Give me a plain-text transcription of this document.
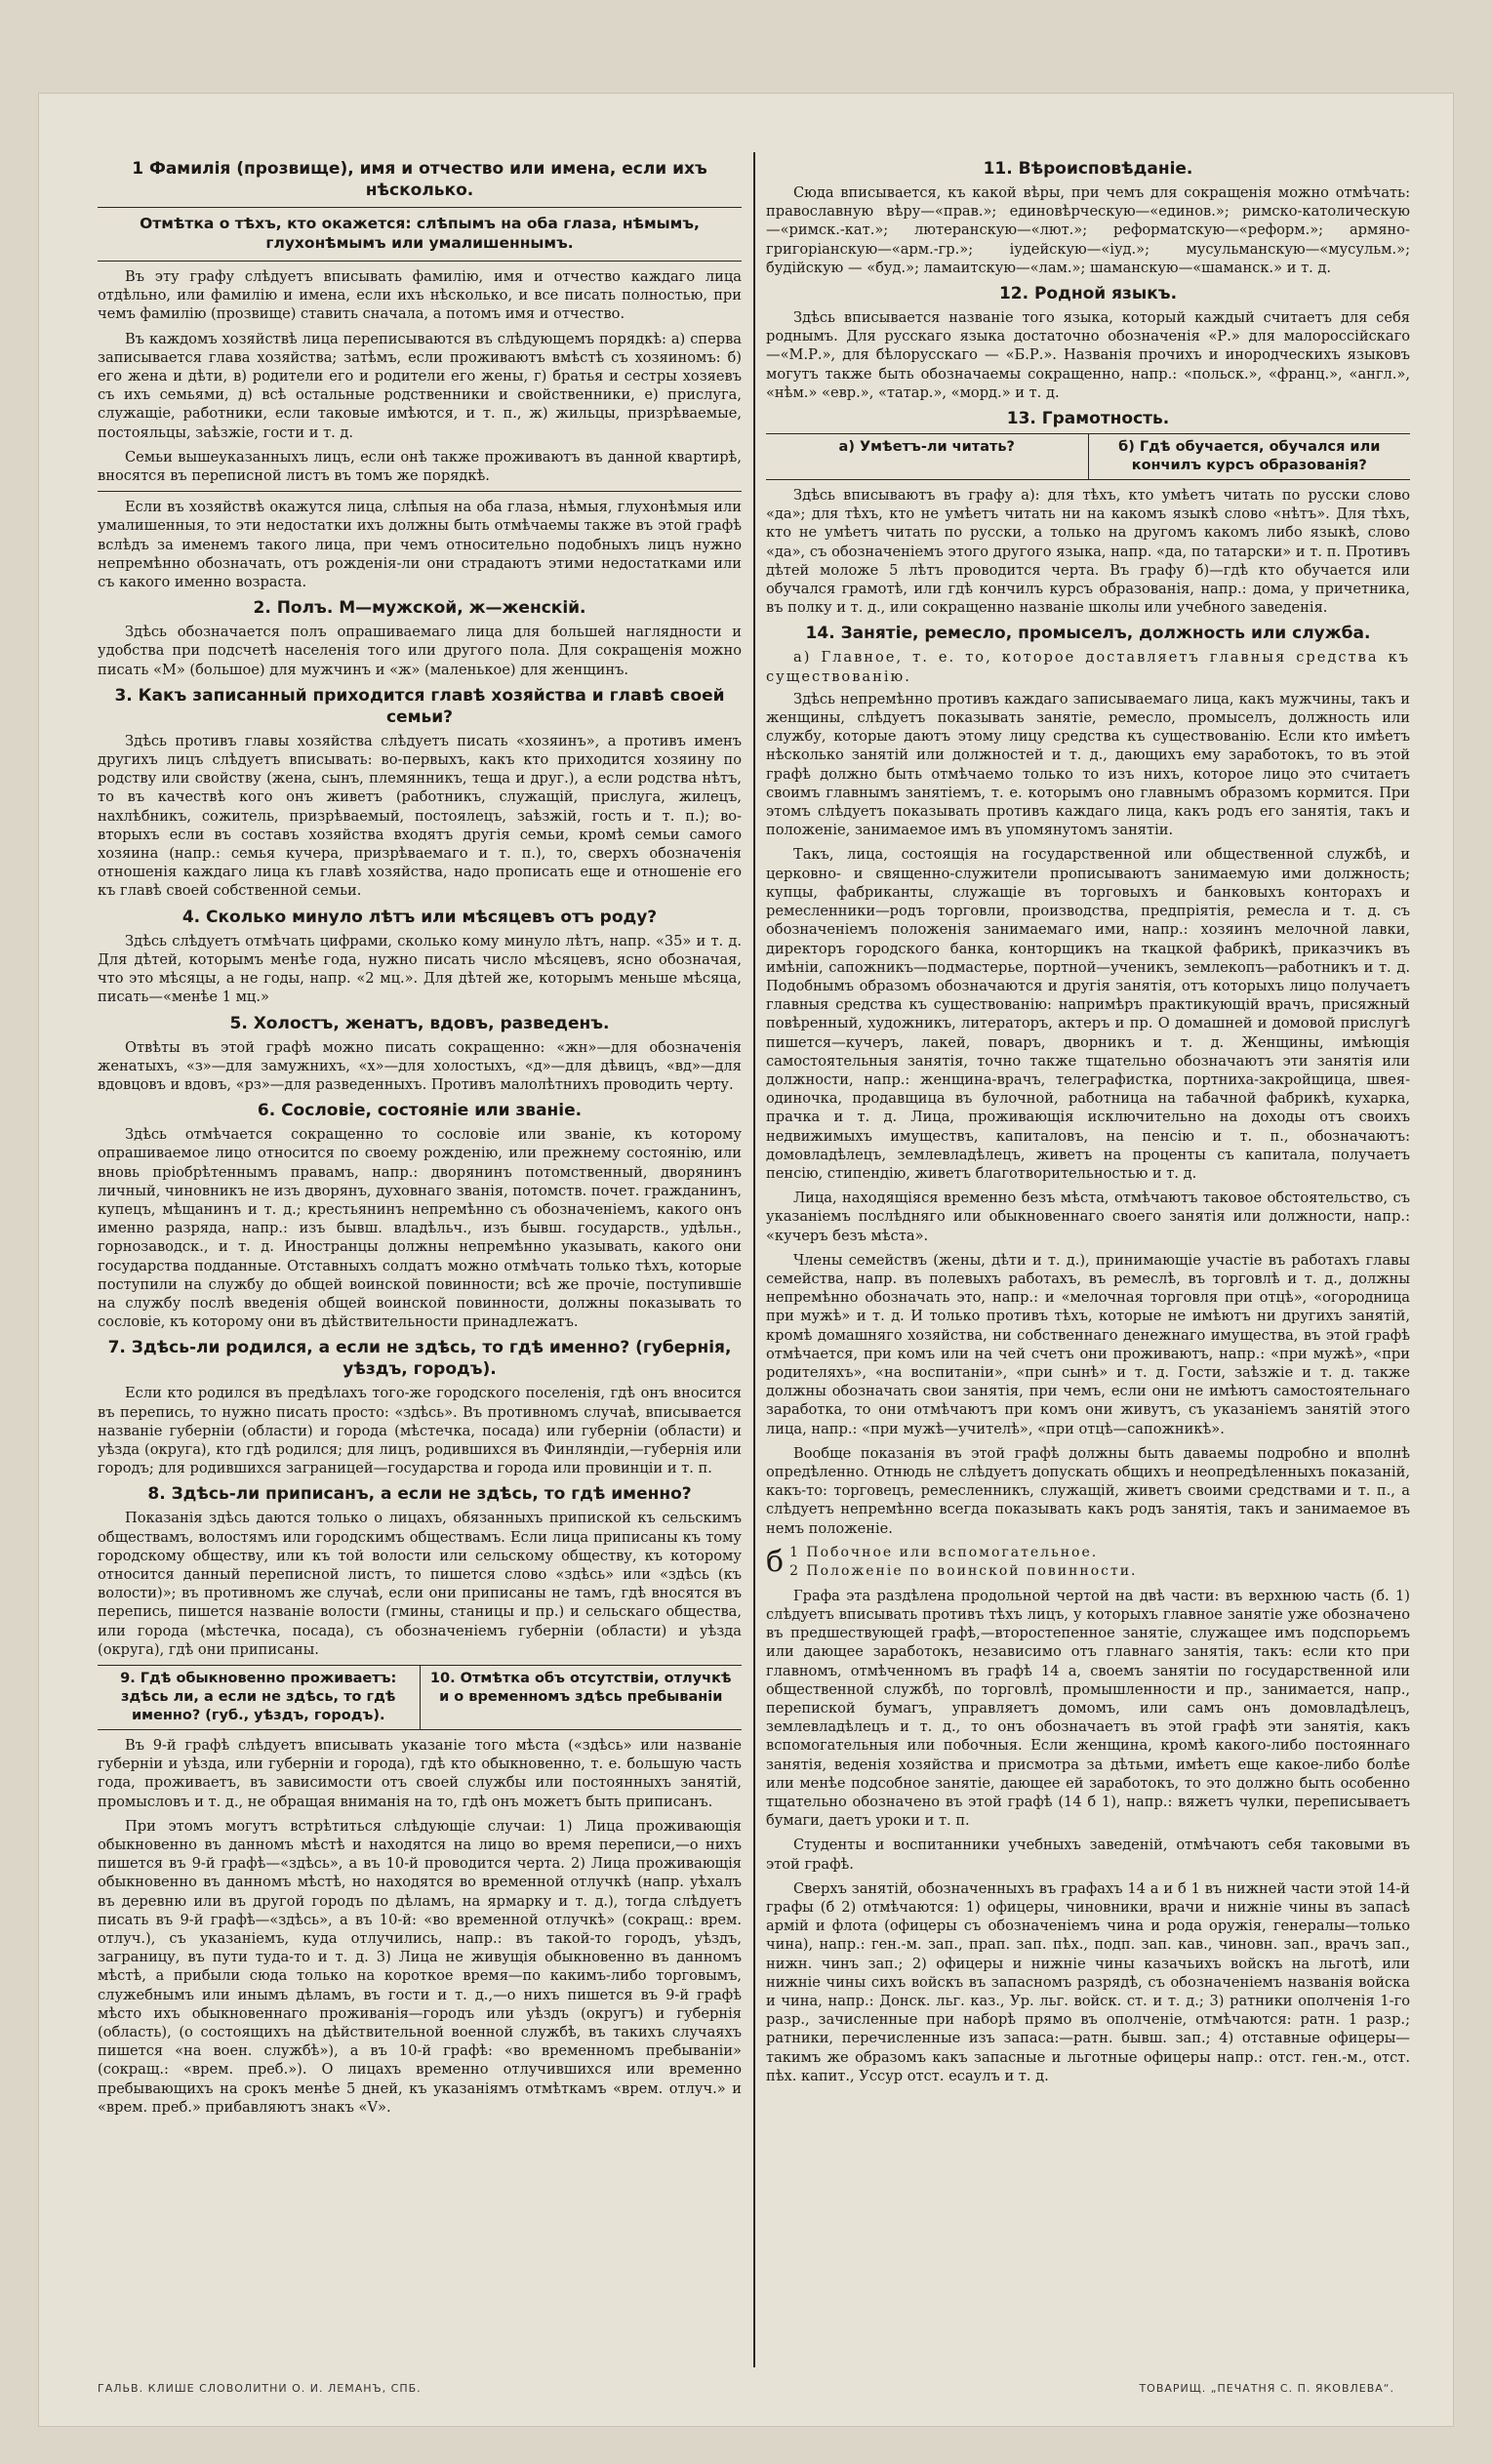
1 Фамилія (прозвище), имя и отчество или имена, если ихъ нѣсколько.
Отмѣтка о тѣхъ, кто окажется: слѣпымъ на оба глаза, нѣмымъ, глухонѣмымъ или умалишеннымъ.

Въ эту графу слѣдуетъ вписывать фамилію, имя и отчество каждаго лица отдѣльно, или фамилію и имена, если ихъ нѣсколько, и все писать полностью, при чемъ фамилію (прозвище) ставить сначала, а потомъ имя и отчество.

Въ каждомъ хозяйствѣ лица переписываются въ слѣдующемъ порядкѣ: а) сперва записывается глава хозяйства; затѣмъ, если проживаютъ вмѣстѣ съ хозяиномъ: б) его жена и дѣти, в) родители его и родители его жены, г) братья и сестры хозяевъ съ ихъ семьями, д) всѣ остальные родственники и свойственники, е) прислуга, служащіе, работники, если таковые имѣются, и т. п., ж) жильцы, призрѣваемые, постояльцы, заѣзжіе, гости и т. д.

Семьи вышеуказанныхъ лицъ, если онѣ также проживаютъ въ данной квартирѣ, вносятся въ переписной листъ въ томъ же порядкѣ.

Если въ хозяйствѣ окажутся лица, слѣпыя на оба глаза, нѣмыя, глухонѣмыя или умалишенныя, то эти недостатки ихъ должны быть отмѣчаемы также въ этой графѣ вслѣдъ за именемъ такого лица, при чемъ относительно подобныхъ лицъ нужно непремѣнно обозначать, отъ рожденія-ли они страдаютъ этими недостатками или съ какого именно возраста.

2. Полъ. М—мужской, ж—женскій.

Здѣсь обозначается полъ опрашиваемаго лица для большей наглядности и удобства при подсчетѣ населенія того или другого пола. Для сокращенія можно писать «М» (большое) для мужчинъ и «ж» (маленькое) для женщинъ.

3. Какъ записанный приходится главѣ хозяйства и главѣ своей семьи?

Здѣсь противъ главы хозяйства слѣдуетъ писать «хозяинъ», а противъ именъ другихъ лицъ слѣдуетъ вписывать: во-первыхъ, какъ кто приходится хозяину по родству или свойству (жена, сынъ, племянникъ, теща и друг.), а если родства нѣтъ, то въ качествѣ кого онъ живетъ (работникъ, служащій, прислуга, жилецъ, нахлѣбникъ, сожитель, призрѣваемый, постоялецъ, заѣзжій, гость и т. п.); во-вторыхъ если въ составъ хозяйства входятъ другія семьи, кромѣ семьи самого хозяина (напр.: семья кучера, призрѣваемаго и т. п.), то, сверхъ обозначенія отношенія каждаго лица къ главѣ хозяйства, надо прописать еще и отношеніе его къ главѣ своей собственной семьи.

4. Сколько минуло лѣтъ или мѣсяцевъ отъ роду?

Здѣсь слѣдуетъ отмѣчать цифрами, сколько кому минуло лѣтъ, напр. «35» и т. д. Для дѣтей, которымъ менѣе года, нужно писать число мѣсяцевъ, ясно обозначая, что это мѣсяцы, а не годы, напр. «2 мц.». Для дѣтей же, которымъ меньше мѣсяца, писать—«менѣе 1 мц.»

5. Холостъ, женатъ, вдовъ, разведенъ.

Отвѣты въ этой графѣ можно писать сокращенно: «жн»—для обозначенія женатыхъ, «з»—для замужнихъ, «х»—для холостыхъ, «д»—для дѣвицъ, «вд»—для вдовцовъ и вдовъ, «рз»—для разведенныхъ. Противъ малолѣтнихъ проводить черту.

6. Сословіе, состояніе или званіе.

Здѣсь отмѣчается сокращенно то сословіе или званіе, къ которому опрашиваемое лицо относится по своему рожденію, или прежнему состоянію, или вновь пріобрѣтеннымъ правамъ, напр.: дворянинъ потомственный, дворянинъ личный, чиновникъ не изъ дворянъ, духовнаго званія, потомств. почет. гражданинъ, купецъ, мѣщанинъ и т. д.; крестьянинъ непремѣнно съ обозначеніемъ, какого онъ именно разряда, напр.: изъ бывш. владѣльч., изъ бывш. государств., удѣльн., горнозаводск., и т. д. Иностранцы должны непремѣнно указывать, какого они государства подданные. Отставныхъ солдатъ можно отмѣчать только тѣхъ, которые поступили на службу до общей воинской повинности; всѣ же прочіе, поступившіе на службу послѣ введенія общей воинской повинности, должны показывать то сословіе, къ которому они въ дѣйствительности принадлежатъ.

7. Здѣсь-ли родился, а если не здѣсь, то гдѣ именно? (губернія, уѣздъ, городъ).

Если кто родился въ предѣлахъ того-же городского поселенія, гдѣ онъ вносится въ перепись, то нужно писать просто: «здѣсь». Въ противномъ случаѣ, вписывается названіе губерніи (области) и города (мѣстечка, посада) или губерніи (области) и уѣзда (округа), кто гдѣ родился; для лицъ, родившихся въ Финляндіи,—губернія или городъ; для родившихся заграницей—государства и города или провинціи и т. п.

8. Здѣсь-ли приписанъ, а если не здѣсь, то гдѣ именно?

Показанія здѣсь даются только о лицахъ, обязанныхъ припиской къ сельскимъ обществамъ, волостямъ или городскимъ обществамъ. Если лица приписаны къ тому городскому обществу, или къ той волости или сельскому обществу, къ которому относится данный переписной листъ, то пишется слово «здѣсь» или «здѣсь (къ волости)»; въ противномъ же случаѣ, если они приписаны не тамъ, гдѣ вносятся въ перепись, пишется названіе волости (гмины, станицы и пр.) и сельскаго общества, или города (мѣстечка, посада), съ обозначеніемъ губерніи (области) и уѣзда (округа), гдѣ они приписаны.

9. Гдѣ обыкновенно проживаетъ: здѣсь ли, а если не здѣсь, то гдѣ именно? (губ., уѣздъ, городъ).
10. Отмѣтка объ отсутствіи, отлучкѣ и о временномъ здѣсь пребываніи

Въ 9-й графѣ слѣдуетъ вписывать указаніе того мѣста («здѣсь» или названіе губерніи и уѣзда, или губерніи и города), гдѣ кто обыкновенно, т. е. большую часть года, проживаетъ, въ зависимости отъ своей службы или постоянныхъ занятій, промысловъ и т. д., не обращая вниманія на то, гдѣ онъ можетъ быть приписанъ.

При этомъ могутъ встрѣтиться слѣдующіе случаи: 1) Лица проживающія обыкновенно въ данномъ мѣстѣ и находятся на лицо во время переписи,—о нихъ пишется въ 9-й графѣ—«здѣсь», а въ 10-й проводится черта. 2) Лица проживающія обыкновенно въ данномъ мѣстѣ, но находятся во временной отлучкѣ (напр. уѣхалъ въ деревню или въ другой городъ по дѣламъ, на ярмарку и т. д.), тогда слѣдуетъ писать въ 9-й графѣ—«здѣсь», а въ 10-й: «во временной отлучкѣ» (сокращ.: врем. отлуч.), съ указаніемъ, куда отлучились, напр.: въ такой-то городъ, уѣздъ, заграницу, въ пути туда-то и т. д. 3) Лица не живущія обыкновенно въ данномъ мѣстѣ, а прибыли сюда только на короткое время—по какимъ-либо торговымъ, служебнымъ или инымъ дѣламъ, въ гости и т. д.,—о нихъ пишется въ 9-й графѣ мѣсто ихъ обыкновеннаго проживанія—городъ или уѣздъ (округъ) и губернія (область), (о состоящихъ на дѣйствительной военной службѣ, въ такихъ случаяхъ пишется «на воен. службѣ»), а въ 10-й графѣ: «во временномъ пребываніи» (сокращ.: «врем. преб.»). О лицахъ временно отлучившихся или временно пребывающихъ на срокъ менѣе 5 дней, къ указаніямъ отмѣткамъ «врем. отлуч.» и «врем. преб.» прибавляютъ знакъ «V».

11. Вѣроисповѣданіе.

Сюда вписывается, къ какой вѣры, при чемъ для сокращенія можно отмѣчать: православную вѣру—«прав.»; единовѣрческую—«единов.»; римско-католическую—«римск.-кат.»; лютеранскую—«лют.»; реформатскую—«реформ.»; армяно-григоріанскую—«арм.-гр.»; іудейскую—«іуд.»; мусульманскую—«мусульм.»; будійскую — «буд.»; ламаитскую—«лам.»; шаманскую—«шаманск.» и т. д.

12. Родной языкъ.

Здѣсь вписывается названіе того языка, который каждый считаетъ для себя роднымъ. Для русскаго языка достаточно обозначенія «Р.» для малороссійскаго—«М.Р.», для бѣлорусскаго — «Б.Р.». Названія прочихъ и инородческихъ языковъ могутъ также быть обозначаемы сокращенно, напр.: «польск.», «франц.», «англ.», «нѣм.» «евр.», «татар.», «морд.» и т. д.

13. Грамотность.
а) Умѣетъ-ли читать?	б) Гдѣ обучается, обучался или кончилъ курсъ образованія?

Здѣсь вписываютъ въ графу а): для тѣхъ, кто умѣетъ читать по русски слово «да»; для тѣхъ, кто не умѣетъ читать ни на какомъ языкѣ слово «нѣтъ». Для тѣхъ, кто не умѣетъ читать по русски, а только на другомъ какомъ либо языкѣ, слово «да», съ обозначеніемъ этого другого языка, напр. «да, по татарски» и т. п. Противъ дѣтей моложе 5 лѣтъ проводится черта. Въ графу б)—гдѣ кто обучается или обучался грамотѣ, или гдѣ кончилъ курсъ образованія, напр.: дома, у причетника, въ полку и т. д., или сокращенно названіе школы или учебного заведенія.

14. Занятіе, ремесло, промыселъ, должность или служба.

а) Главное, т. е. то, которое доставляетъ главныя средства къ существованію.

Здѣсь непремѣнно противъ каждаго записываемаго лица, какъ мужчины, такъ и женщины, слѣдуетъ показывать занятіе, ремесло, промыселъ, должность или службу, которые даютъ этому лицу средства къ существованію. Если кто имѣетъ нѣсколько занятій или должностей и т. д., дающихъ ему заработокъ, то въ этой графѣ должно быть отмѣчаемо только то изъ нихъ, которое лицо это считаетъ своимъ главнымъ занятіемъ, т. е. которымъ оно главнымъ образомъ кормится. При этомъ слѣдуетъ показывать противъ каждаго лица, какъ родъ его занятія, такъ и положеніе, занимаемое имъ въ упомянутомъ занятіи.

Такъ, лица, состоящія на государственной или общественной службѣ, и церковно- и священно-служители прописываютъ занимаемую ими должность; купцы, фабриканты, служащіе въ торговыхъ и банковыхъ конторахъ и ремесленники—родъ торговли, производства, предпріятія, ремесла и т. д. съ обозначеніемъ положенія занимаемаго ими, напр.: хозяинъ мелочной лавки, директоръ городского банка, конторщикъ на ткацкой фабрикѣ, приказчикъ въ имѣніи, сапожникъ—подмастерье, портной—ученикъ, землекопъ—работникъ и т. д. Подобнымъ образомъ обозначаются и другія занятія, отъ которыхъ лицо получаетъ главныя средства къ существованію: напримѣръ практикующій врачъ, присяжный повѣренный, художникъ, литераторъ, актеръ и пр. О домашней и домовой прислугѣ пишется—кучеръ, лакей, поваръ, дворникъ и т. д. Женщины, имѣющія самостоятельныя занятія, точно также тщательно обозначаютъ эти занятія или должности, напр.: женщина-врачъ, телеграфистка, портниха-закройщица, швея-одиночка, продавщица въ булочной, работница на табачной фабрикѣ, кухарка, прачка и т. д. Лица, проживающія исключительно на доходы отъ своихъ недвижимыхъ имуществъ, капиталовъ, на пенсію и т. п., обозначаютъ: домовладѣлецъ, землевладѣлецъ, живетъ на проценты съ капитала, получаетъ пенсію, стипендію, живетъ благотворительностью и т. д.

Лица, находящіяся временно безъ мѣста, отмѣчаютъ таковое обстоятельство, съ указаніемъ послѣдняго или обыкновеннаго своего занятія или должности, напр.: «кучеръ безъ мѣста».

Члены семействъ (жены, дѣти и т. д.), принимающіе участіе въ работахъ главы семейства, напр. въ полевыхъ работахъ, въ ремеслѣ, въ торговлѣ и т. д., должны непремѣнно обозначать это, напр.: и «мелочная торговля при отцѣ», «огородница при мужѣ» и т. д. И только противъ тѣхъ, которые не имѣютъ ни другихъ занятій, кромѣ домашняго хозяйства, ни собственнаго денежнаго имущества, въ этой графѣ отмѣчается, при комъ или на чей счетъ они проживаютъ, напр.: «при мужѣ», «при родителяхъ», «на воспитаніи», «при сынѣ» и т. д. Гости, заѣзжіе и т. д. также должны обозначать свои занятія, при чемъ, если они не имѣютъ самостоятельнаго заработка, то они отмѣчаютъ при комъ они живутъ, съ указаніемъ занятій этого лица, напр.: «при мужѣ—учителѣ», «при отцѣ—сапожникѣ».

Вообще показанія въ этой графѣ должны быть даваемы подробно и вполнѣ опредѣленно. Отнюдь не слѣдуетъ допускать общихъ и неопредѣленныхъ показаній, какъ-то: торговецъ, ремесленникъ, служащій, живетъ своими средствами и т. п., а слѣдуетъ непремѣнно всегда показывать какъ родъ занятія, такъ и занимаемое въ немъ положеніе.

б 1 Побочное или вспомогательное.
2 Положеніе по воинской повинности.

Графа эта раздѣлена продольной чертой на двѣ части: въ верхнюю часть (б. 1) слѣдуетъ вписывать противъ тѣхъ лицъ, у которыхъ главное занятіе уже обозначено въ предшествующей графѣ,—второстепенное занятіе, служащее имъ подспорьемъ или дающее заработокъ, независимо отъ главнаго занятія, такъ: если кто при главномъ, отмѣченномъ въ графѣ 14 а, своемъ занятіи по государственной или общественной службѣ, по торговлѣ, промышленности и пр., занимается, напр., перепиской бумагъ, управляетъ домомъ, или самъ онъ домовладѣлецъ, землевладѣлецъ и т. д., то онъ обозначаетъ въ этой графѣ эти занятія, какъ вспомогательныя или побочныя. Если женщина, кромѣ какого-либо постояннаго занятія, веденія хозяйства и присмотра за дѣтьми, имѣетъ еще какое-либо болѣе или менѣе подсобное занятіе, дающее ей заработокъ, то это должно быть особенно тщательно обозначено въ этой графѣ (14 б 1), напр.: вяжетъ чулки, переписываетъ бумаги, даетъ уроки и т. п.

Студенты и воспитанники учебныхъ заведеній, отмѣчаютъ себя таковыми въ этой графѣ.

Сверхъ занятій, обозначенныхъ въ графахъ 14 а и б 1 въ нижней части этой 14-й графы (б 2) отмѣчаются: 1) офицеры, чиновники, врачи и нижніе чины въ запасѣ армій и флота (офицеры съ обозначеніемъ чина и рода оружія, генералы—только чина), напр.: ген.-м. зап., прап. зап. пѣх., подп. зап. кав., чиновн. зап., врачъ зап., нижн. чинъ зап.; 2) офицеры и нижніе чины казачьихъ войскъ на льготѣ, или нижніе чины сихъ войскъ въ запасномъ разрядѣ, съ обозначеніемъ названія войска и чина, напр.: Донск. льг. каз., Ур. льг. войск. ст. и т. д.; 3) ратники ополченія 1-го разр., зачисленные при наборѣ прямо въ ополченіе, отмѣчаются: ратн. 1 разр.; ратники, перечисленные изъ запаса:—ратн. бывш. зап.; 4) отставные офицеры—такимъ же образомъ какъ запасные и льготные офицеры напр.: отст. ген.-м., отст. пѣх. капит., Уссур отст. есаулъ и т. д.

ГАЛЬВ. КЛИШЕ СЛОВОЛИТНИ О. И. ЛЕМАНЪ, СПБ.	ТОВАРИЩ. „ПЕЧАТНЯ С. П. ЯКОВЛЕВА“.
